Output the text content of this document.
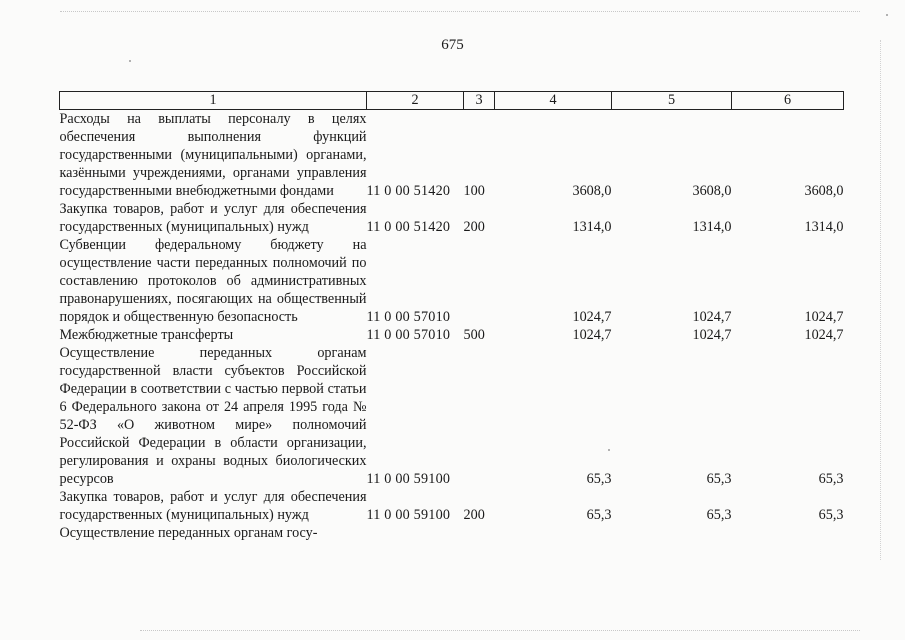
675
1	2	3	4	5	6
Расходы на выплаты персоналу в целях обеспечения выполнения функций государственными (муниципальными) органами, казёнными учреждениями, органами управления государственными внебюджетными фондами	11 0 00 51420	100	3608,0	3608,0	3608,0
Закупка товаров, работ и услуг для обеспечения государственных (муниципальных) нужд	11 0 00 51420	200	1314,0	1314,0	1314,0
Субвенции федеральному бюджету на осуществление части переданных полномочий по составлению протоколов об административных правонарушениях, посягающих на общественный порядок и общественную безопасность	11 0 00 57010		1024,7	1024,7	1024,7
Межбюджетные трансферты	11 0 00 57010	500	1024,7	1024,7	1024,7
Осуществление переданных органам государственной власти субъектов Российской Федерации в соответствии с частью первой статьи 6 Федерального закона от 24 апреля 1995 года № 52-ФЗ «О животном мире» полномочий Российской Федерации в области организации, регулирования и охраны водных биологических ресурсов	11 0 00 59100		65,3	65,3	65,3
Закупка товаров, работ и услуг для обеспечения государственных (муниципальных) нужд	11 0 00 59100	200	65,3	65,3	65,3
Осуществление переданных органам госу-					
